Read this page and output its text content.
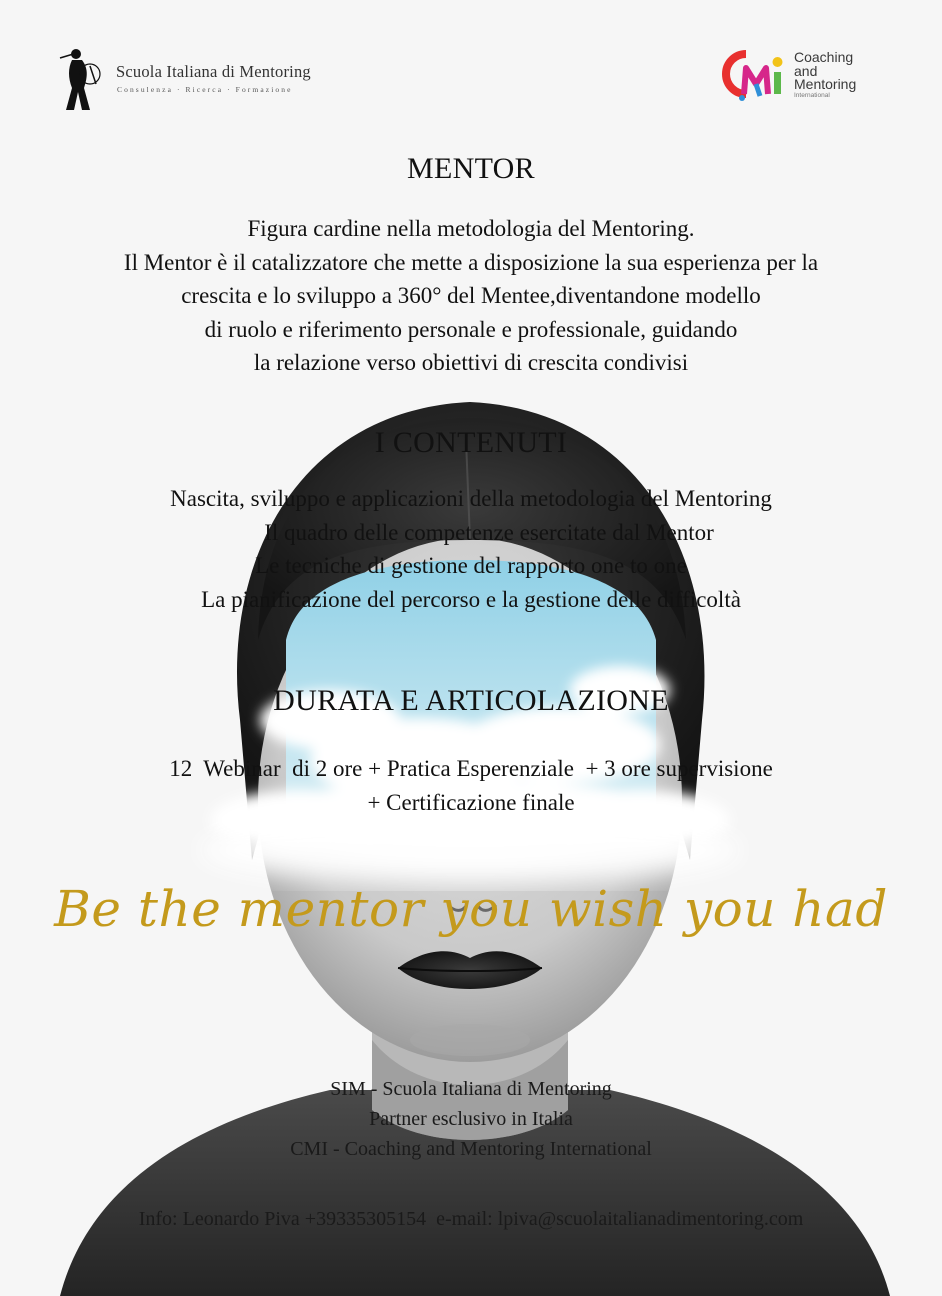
Scuola Italiana di Mentoring
Consulenza · Ricerca · Formazione
Coaching
and
Mentoring
International
MENTOR
Figura cardine nella metodologia del Mentoring.
Il Mentor è il catalizzatore che mette a disposizione la sua esperienza per la
crescita e lo sviluppo a 360° del Mentee,diventandone modello
di ruolo e riferimento personale e professionale, guidando
la relazione verso obiettivi di crescita condivisi
I CONTENUTI
Nascita, sviluppo e applicazioni della metodologia del Mentoring
Il quadro delle competenze esercitate dal Mentor
Le tecniche di gestione del rapporto one to one
La pianificazione del percorso e la gestione delle difficoltà
DURATA E ARTICOLAZIONE
12  Webinar  di 2 ore + Pratica Esperenziale  + 3 ore supervisione
+ Certificazione finale
Be the mentor you wish you had
SIM - Scuola Italiana di Mentoring
Partner esclusivo in Italia
CMI - Coaching and Mentoring International
Info: Leonardo Piva +39335305154  e-mail: lpiva@scuolaitalianadimentoring.com
